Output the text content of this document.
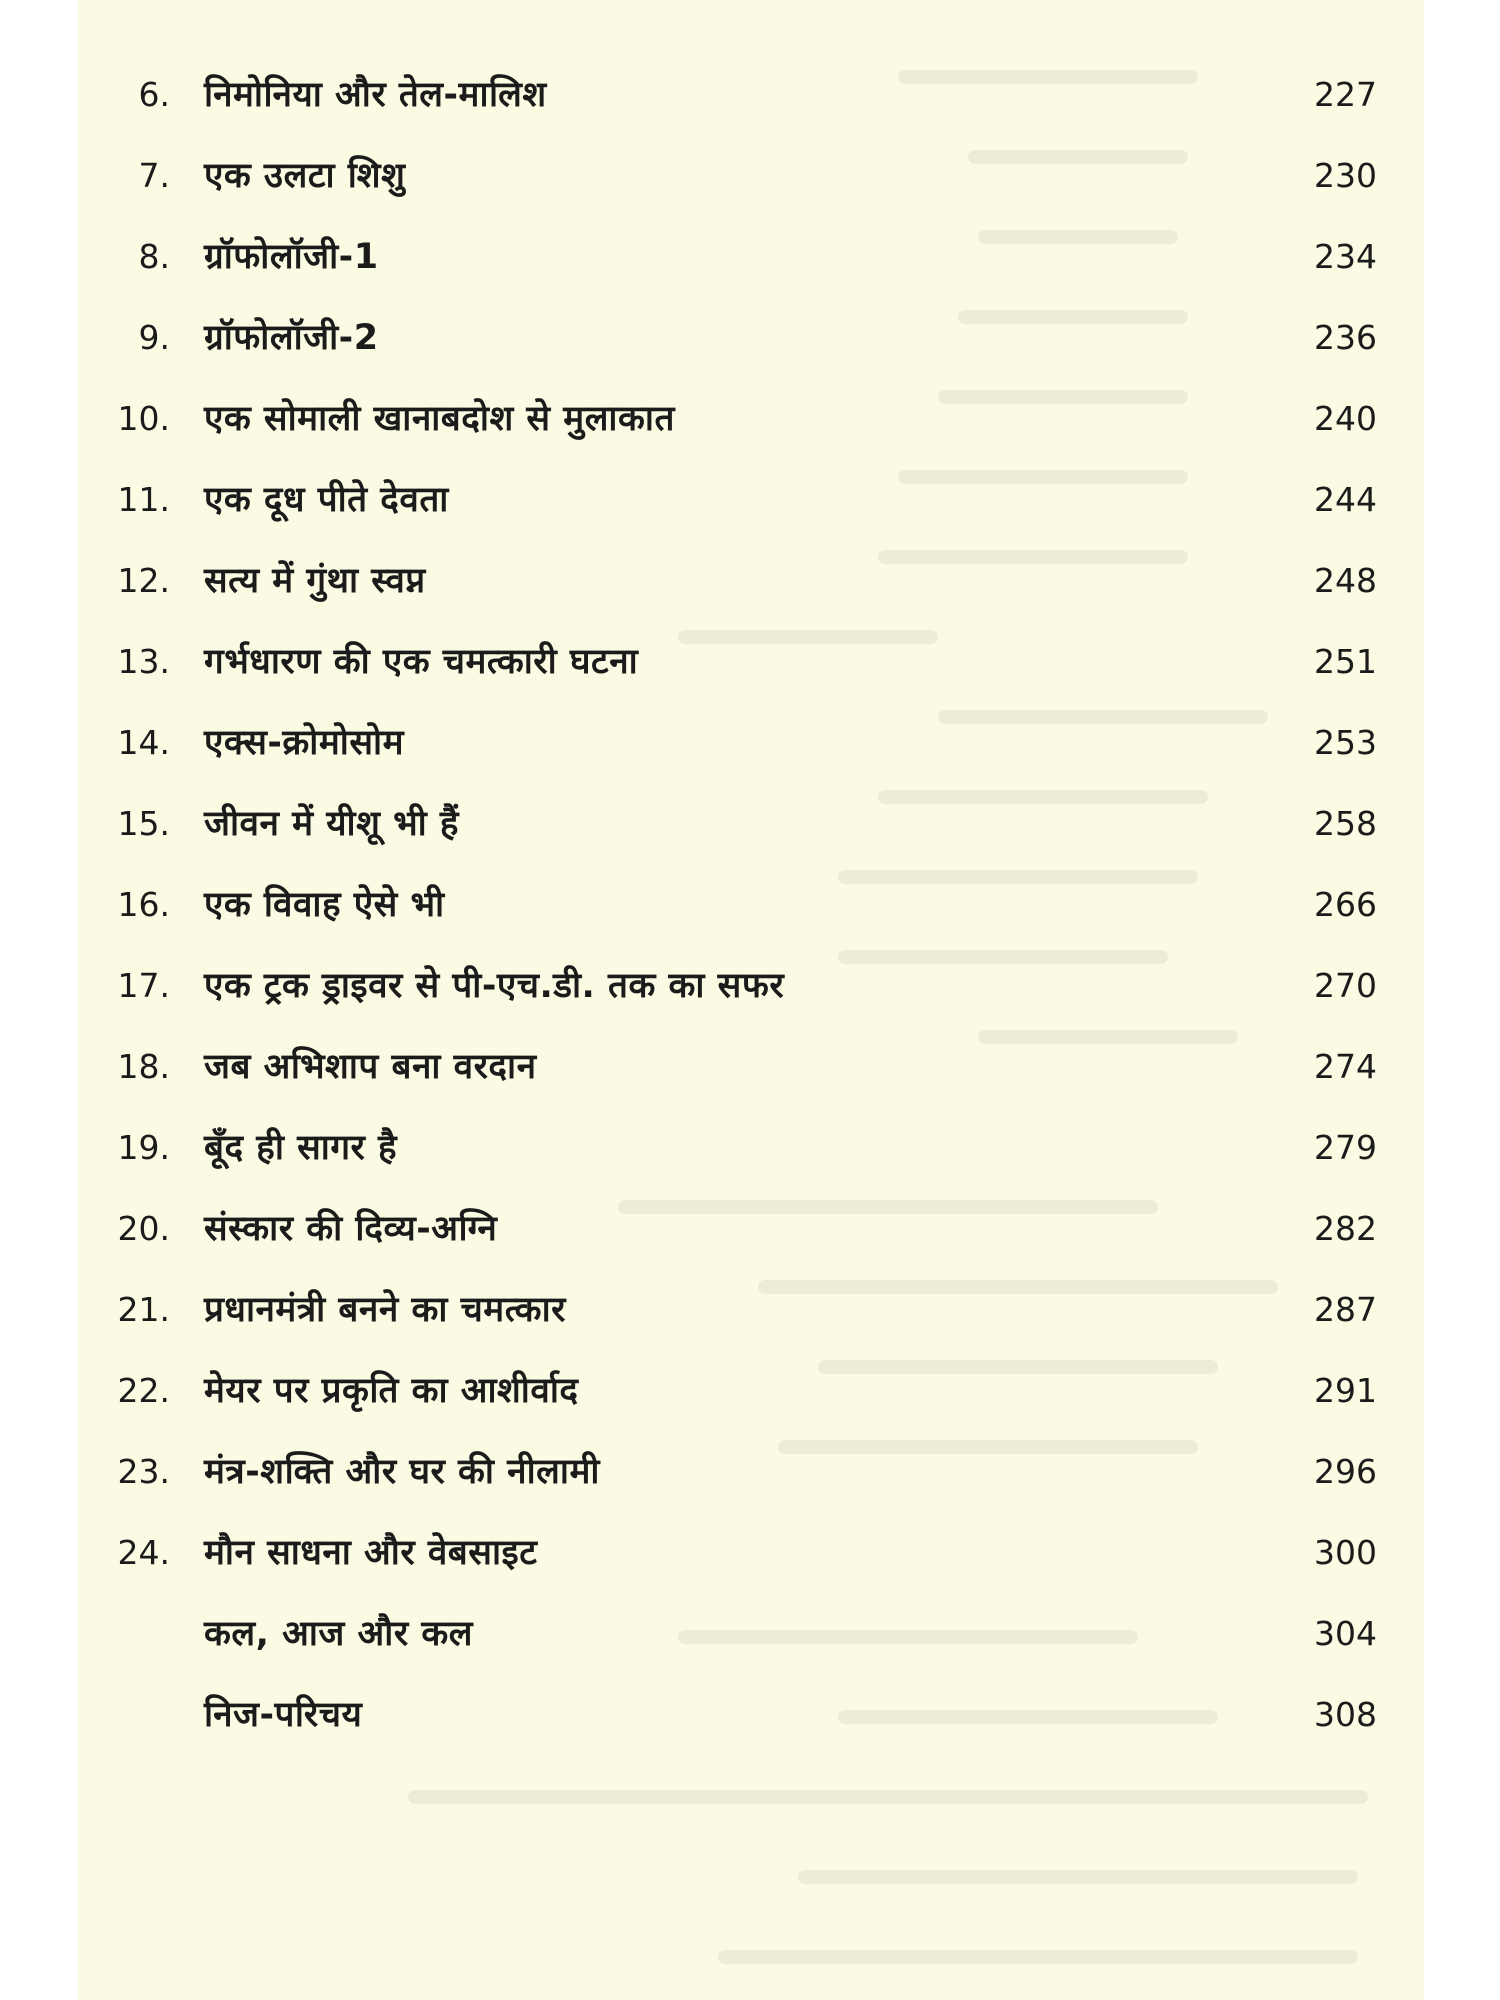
6. निमोनिया और तेल-मालिश	227
7. एक उलटा शिशु	230
8. ग्रॉफोलॉजी-1	234
9. ग्रॉफोलॉजी-2	236
10. एक सोमाली खानाबदोश से मुलाकात	240
11. एक दूध पीते देवता	244
12. सत्य में गुंथा स्वप्न	248
13. गर्भधारण की एक चमत्कारी घटना	251
14. एक्स-क्रोमोसोम	253
15. जीवन में यीशू भी हैं	258
16. एक विवाह ऐसे भी	266
17. एक ट्रक ड्राइवर से पी-एच.डी. तक का सफर	270
18. जब अभिशाप बना वरदान	274
19. बूँद ही सागर है	279
20. संस्कार की दिव्य-अग्नि	282
21. प्रधानमंत्री बनने का चमत्कार	287
22. मेयर पर प्रकृति का आशीर्वाद	291
23. मंत्र-शक्ति और घर की नीलामी	296
24. मौन साधना और वेबसाइट	300
कल, आज और कल	304
निज-परिचय	308
